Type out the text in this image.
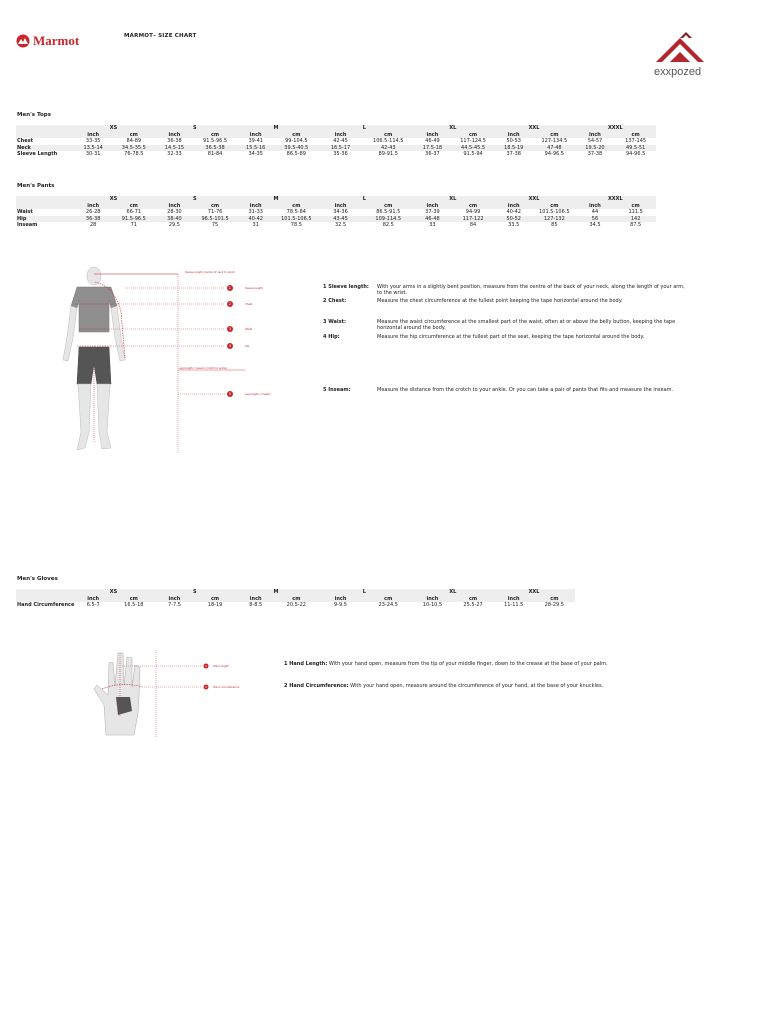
Marmot	MARMOT– SIZE CHART
exxpozed
Men's Tops
	XS		S		M		L		XL		XXL		XXXL	
	inch	cm	inch	cm	inch	cm	inch	cm	inch	cm	inch	cm	inch	cm
Chest	33-35	84-89	36-38	91.5-96.5	39-41	99-104.5	42-45	106.5-114.5	46-49	117-124.5	50-53	127-134.5	54-57	137-145
Neck	13.5-14	34.5-35.5	14.5-15	36.5-38	15.5-16	39.5-40.5	16.5-17	42-43	17.5-18	44.5-45.5	18.5-19	47-48	19.5-20	49.5-51
Sleeve Length	30-31	76-78.5	32-33	81-84	34-35	86.5-89	35-36	89-91.5	36-37	91.5-94	37-38	94-96.5	37-38	94-96.5
Men's Pants
	XS		S		M		L		XL		XXL		XXXL	
	inch	cm	inch	cm	inch	cm	inch	cm	inch	cm	inch	cm	inch	cm
Waist	26-28	66-71	28-30	71-76	31-33	78.5-84	34-36	86.5-91.5	37-39	94-99	40-42	101.5-106.5	44	111.5
Hip	36-38	91.5-96.5	38-40	96.5-101.5	40-42	101.5-106.5	43-45	109-114.5	46-48	117-122	50-52	127-132	56	142
Inseam	28	71	29.5	75	31	78.5	32.5	82.5	33	84	33.5	85	34.5	87.5
1
2
3
4
5
Sleeve length (centre of neck to wrist)
Sleeve length
Chest
Waist
Hip
Leg length / Inseam (crotch to ankle)
Leg length / Inseam
1 Sleeve length: With your arms in a slightly bent position, measure from the centre of the back of your neck, along the length of your arm, to the wrist.
2 Chest:	Measure the chest circumference at the fullest point keeping the tape horizontal around the body.
3 Waist:	Measure the waist circumference at the smallest part of the waist, often at or above the belly button, keeping the tape horizontal around the body.
4 Hip:	Measure the hip circumference at the fullest part of the seat, keeping the tape horizontal around the body.
5 Inseam:	Measure the distance from the crotch to your ankle. Or you can take a pair of pants that fits and measure the inseam.
Men's Gloves
	XS		S		M		L		XL		XXL	
	inch	cm	inch	cm	inch	cm	inch	cm	inch	cm	inch	cm
Hand Circumference	6.5-7	16.5-18	7-7.5	18-19	8-8.5	20.5-22	9-9.5	23-24.5	10-10.5	25.5-27	11-11.5	28-29.5
1
2
Hand length
Hand circumference
1 Hand Length: With your hand open, measure from the tip of your middle finger, down to the crease at the base of your palm.
2 Hand Circumference: With your hand open, measure around the circumference of your hand, at the base of your knuckles.
